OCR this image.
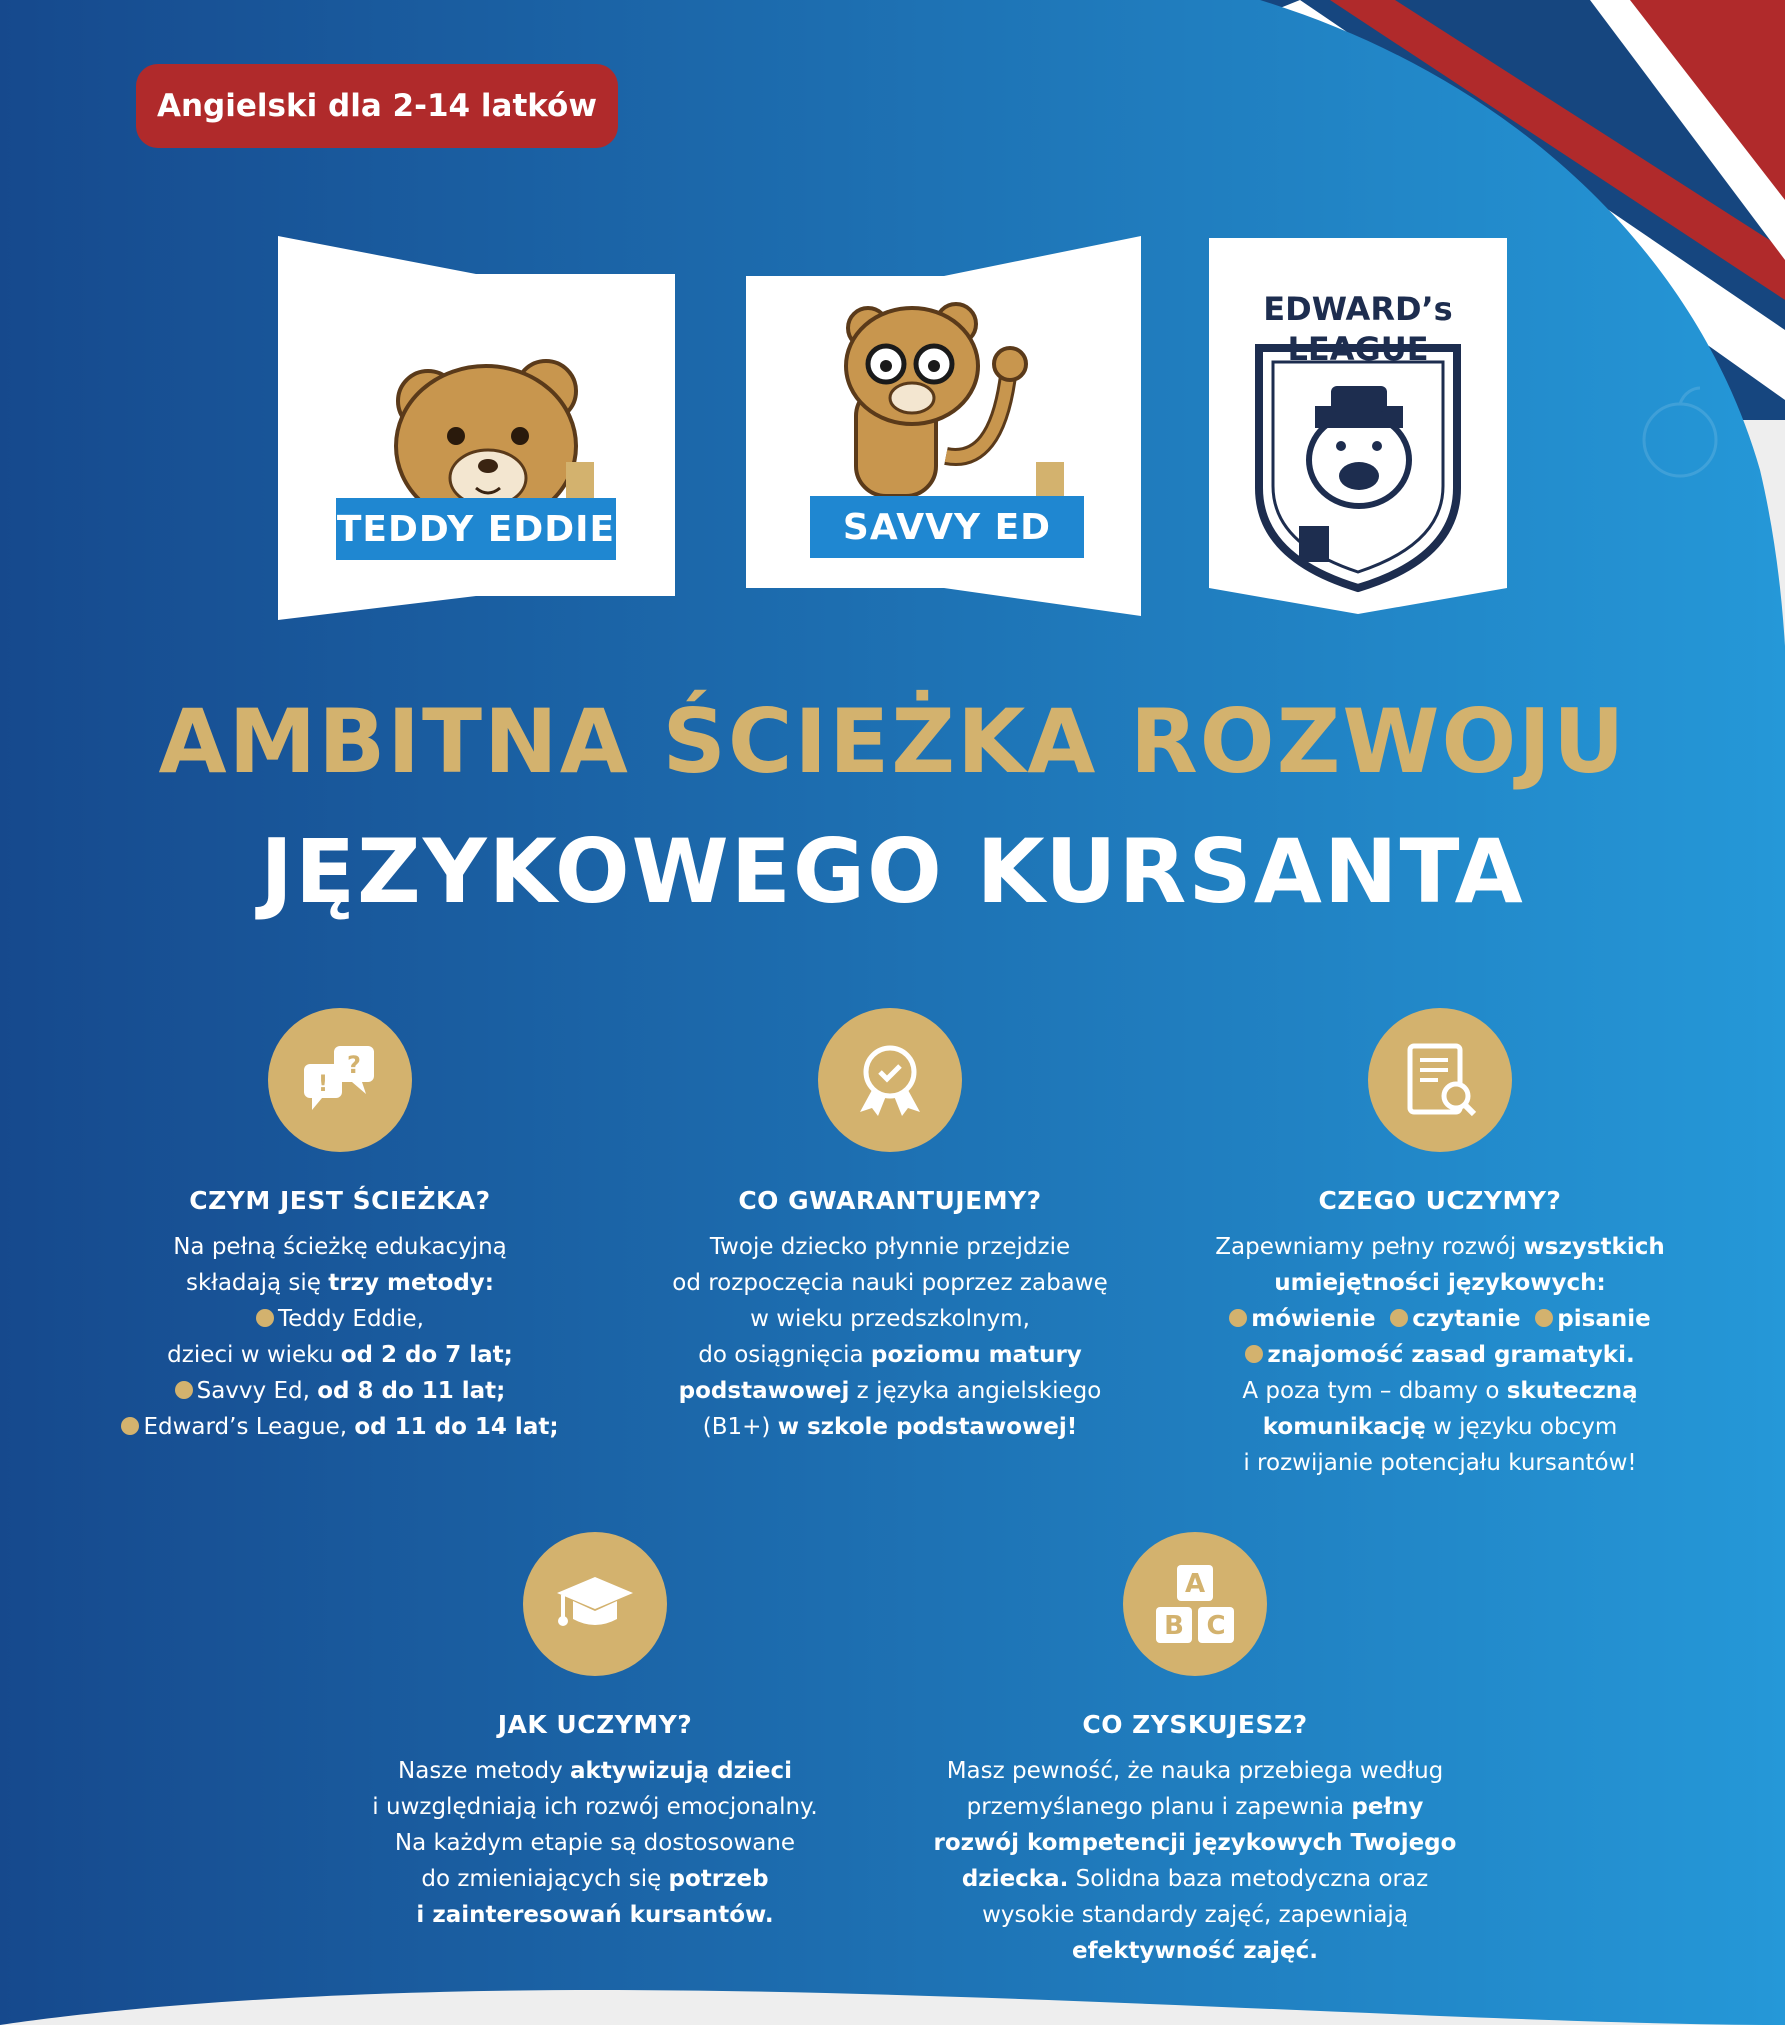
Angielski dla 2-14 latków
TEDDY EDDIE	SAVVY ED
EDWARD’s
LEAGUE
AMBITNA ŚCIEŻKA ROZWOJU
JĘZYKOWEGO KURSANTA
?
!
CZYM JEST ŚCIEŻKA?
Na pełną ścieżkę edukacyjną
składają się trzy metody:
Teddy Eddie,
dzieci w wieku od 2 do 7 lat;
Savvy Ed, od 8 do 11 lat;
Edward’s League, od 11 do 14 lat;
CO GWARANTUJEMY?
Twoje dziecko płynnie przejdzie
od rozpoczęcia nauki poprzez zabawę
w wieku przedszkolnym,
do osiągnięcia poziomu matury
podstawowej z języka angielskiego
(B1+) w szkole podstawowej!
CZEGO UCZYMY?
Zapewniamy pełny rozwój wszystkich
umiejętności językowych:
mówienie czytanie pisanie
znajomość zasad gramatyki.
A poza tym – dbamy o skuteczną
komunikację w języku obcym
i rozwijanie potencjału kursantów!
JAK UCZYMY?
Nasze metody aktywizują dzieci
i uwzględniają ich rozwój emocjonalny.
Na każdym etapie są dostosowane
do zmieniających się potrzeb
i zainteresowań kursantów.
A
B C
CO ZYSKUJESZ?
Masz pewność, że nauka przebiega według
przemyślanego planu i zapewnia pełny
rozwój kompetencji językowych Twojego
dziecka. Solidna baza metodyczna oraz
wysokie standardy zajęć, zapewniają
efektywność zajęć.
